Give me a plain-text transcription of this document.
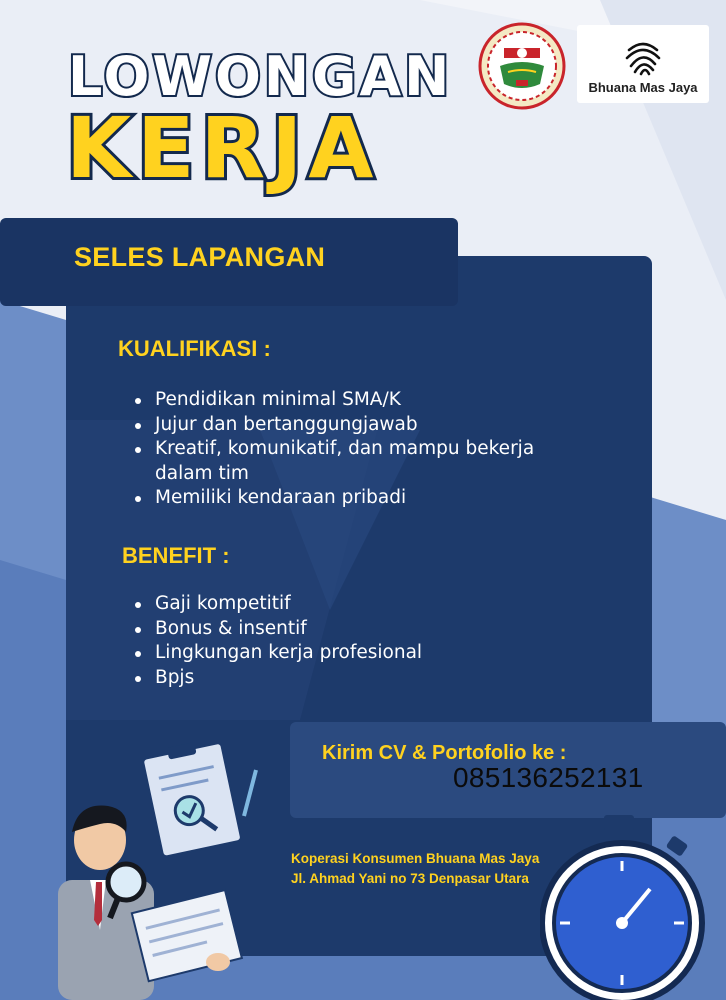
LOWONGAN
KERJA
Bhuana Mas Jaya
SELES LAPANGAN
KUALIFIKASI :
Pendidikan minimal SMA/K
Jujur dan bertanggungjawab
Kreatif, komunikatif, dan mampu bekerja
dalam tim
Memiliki kendaraan pribadi
BENEFIT :
Gaji kompetitif
Bonus & insentif
Lingkungan kerja profesional
Bpjs
Kirim CV & Portofolio ke :
085136252131
Koperasi Konsumen Bhuana Mas Jaya
Jl. Ahmad Yani no 73 Denpasar Utara
